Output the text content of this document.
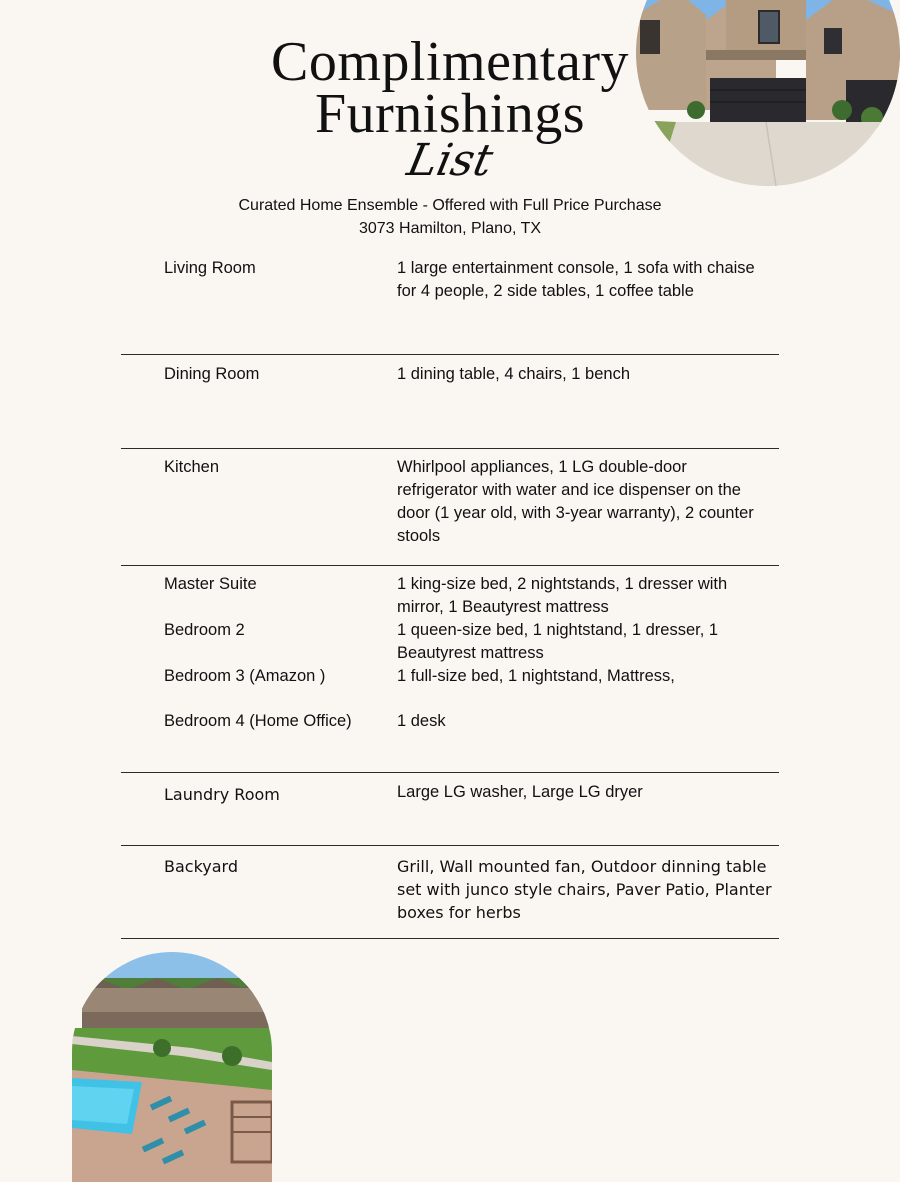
Complimentary
Furnishings
List
Curated Home Ensemble - Offered with Full Price Purchase
3073 Hamilton, Plano, TX
Living Room	1 large entertainment console, 1 sofa with chaise for 4 people, 2 side tables, 1 coffee table
Dining Room	1 dining table, 4 chairs, 1 bench
Kitchen	Whirlpool appliances, 1 LG double-door refrigerator with water and ice dispenser on the door (1 year old, with 3-year warranty), 2 counter stools
Master Suite	1 king-size bed, 2 nightstands, 1 dresser with mirror, 1 Beautyrest mattress
Bedroom 2	1 queen-size bed, 1 nightstand, 1 dresser, 1 Beautyrest mattress
Bedroom 3 (Amazon )	1 full-size bed, 1 nightstand, Mattress,
Bedroom 4 (Home Office)	1 desk
Laundry Room	Large LG washer, Large LG dryer
Backyard	Grill, Wall mounted fan, Outdoor dinning table set with junco style chairs, Paver Patio, Planter boxes for herbs
